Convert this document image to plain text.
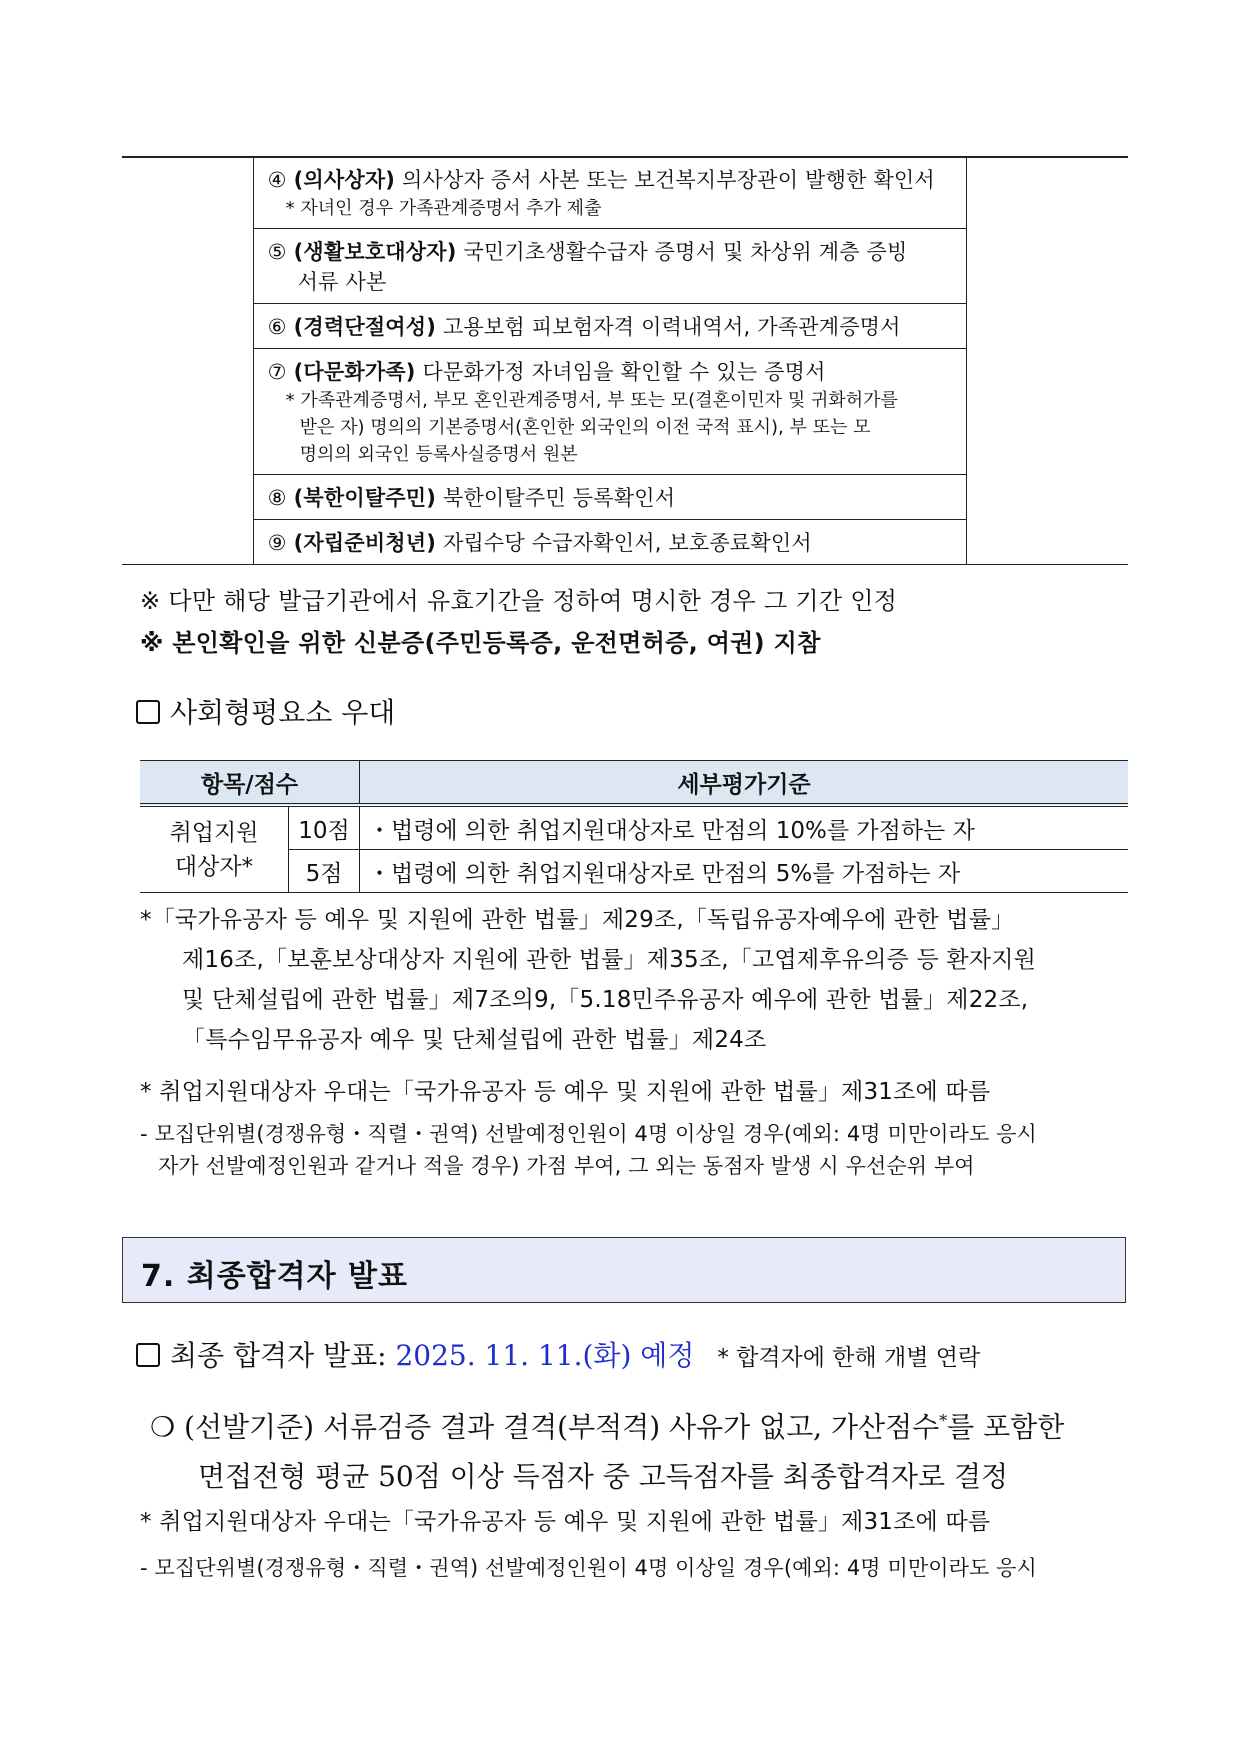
	④ (의사상자) 의사상자 증서 사본 또는 보건복지부장관이 발행한 확인서
* 자녀인 경우 가족관계증명서 추가 제출	

	⑤ (생활보호대상자) 국민기초생활수급자 증명서 및 차상위 계층 증빙
서류 사본	

	⑥ (경력단절여성) 고용보험 피보험자격 이력내역서, 가족관계증명서	

	⑦ (다문화가족) 다문화가정 자녀임을 확인할 수 있는 증명서
* 가족관계증명서, 부모 혼인관계증명서, 부 또는 모(결혼이민자 및 귀화허가를
받은 자) 명의의 기본증명서(혼인한 외국인의 이전 국적 표시), 부 또는 모
명의의 외국인 등록사실증명서 원본	

	⑧ (북한이탈주민) 북한이탈주민 등록확인서	

	⑨ (자립준비청년) 자립수당 수급자확인서, 보호종료확인서	

※ 다만 해당 발급기관에서 유효기간을 정하여 명시한 경우 그 기간 인정
※ 본인확인을 위한 신분증(주민등록증, 운전면허증, 여권) 지참
사회형평요소 우대
항목/점수		세부평가기준
취업지원
대상자*	10점	・법령에 의한 취업지원대상자로 만점의 10%를 가점하는 자
	5점	・법령에 의한 취업지원대상자로 만점의 5%를 가점하는 자
*「국가유공자 등 예우 및 지원에 관한 법률」제29조,「독립유공자예우에 관한 법률」
제16조,「보훈보상대상자 지원에 관한 법률」제35조,「고엽제후유의증 등 환자지원
및 단체설립에 관한 법률」제7조의9,「5.18민주유공자 예우에 관한 법률」제22조,
「특수임무유공자 예우 및 단체설립에 관한 법률」제24조
* 취업지원대상자 우대는「국가유공자 등 예우 및 지원에 관한 법률」제31조에 따름
- 모집단위별(경쟁유형・직렬・권역) 선발예정인원이 4명 이상일 경우(예외: 4명 미만이라도 응시
자가 선발예정인원과 같거나 적을 경우) 가점 부여, 그 외는 동점자 발생 시 우선순위 부여
7. 최종합격자 발표
최종 합격자 발표: 2025. 11. 11.(화) 예정 * 합격자에 한해 개별 연락
❍ (선발기준) 서류검증 결과 결격(부적격) 사유가 없고, 가산점수*를 포함한
면접전형 평균 50점 이상 득점자 중 고득점자를 최종합격자로 결정
* 취업지원대상자 우대는「국가유공자 등 예우 및 지원에 관한 법률」제31조에 따름
- 모집단위별(경쟁유형・직렬・권역) 선발예정인원이 4명 이상일 경우(예외: 4명 미만이라도 응시
